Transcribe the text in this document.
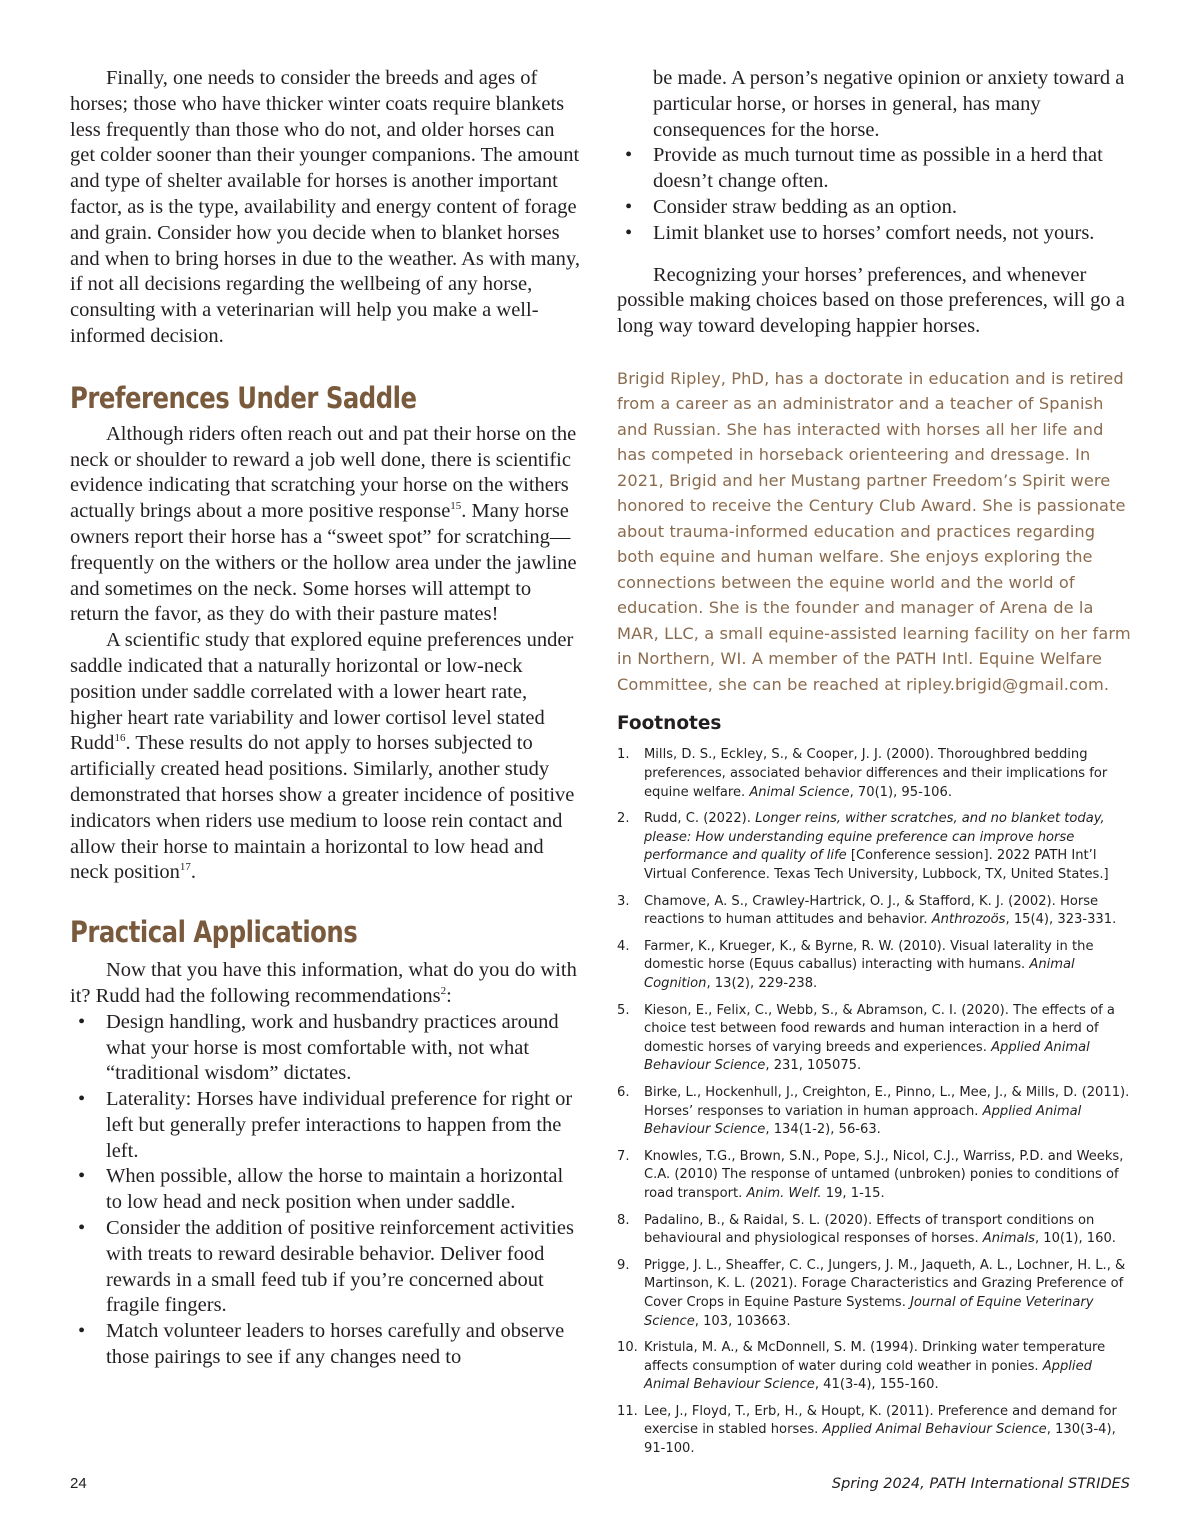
Finally, one needs to consider the breeds and ages of horses; those who have thicker winter coats require blankets less frequently than those who do not, and older horses can get colder sooner than their younger companions. The amount and type of shelter available for horses is another important factor, as is the type, availability and energy content of forage and grain. Consider how you decide when to blanket horses and when to bring horses in due to the weather. As with many, if not all decisions regarding the wellbeing of any horse, consulting with a veterinarian will help you make a well-informed decision.

Preferences Under Saddle

Although riders often reach out and pat their horse on the neck or shoulder to reward a job well done, there is scientific evidence indicating that scratching your horse on the withers actually brings about a more positive response$^{15}$. Many horse owners report their horse has a “sweet spot” for scratching—frequently on the withers or the hollow area under the jawline and sometimes on the neck. Some horses will attempt to return the favor, as they do with their pasture mates!

A scientific study that explored equine preferences under saddle indicated that a naturally horizontal or low-neck position under saddle correlated with a lower heart rate, higher heart rate variability and lower cortisol level stated Rudd$^{16}$. These results do not apply to horses subjected to artificially created head positions. Similarly, another study demonstrated that horses show a greater incidence of positive indicators when riders use medium to loose rein contact and allow their horse to maintain a horizontal to low head and neck position$^{17}$.

Practical Applications

Now that you have this information, what do you do with it? Rudd had the following recommendations$^2$:

• Design handling, work and husbandry practices around what your horse is most comfortable with, not what “traditional wisdom” dictates.
• Laterality: Horses have individual preference for right or left but generally prefer interactions to happen from the left.
• When possible, allow the horse to maintain a horizontal to low head and neck position when under saddle.
• Consider the addition of positive reinforcement activities with treats to reward desirable behavior. Deliver food rewards in a small feed tub if you’re concerned about fragile fingers.
• Match volunteer leaders to horses carefully and observe those pairings to see if any changes need to
be made. A person’s negative opinion or anxiety toward a particular horse, or horses in general, has many consequences for the horse.
• Provide as much turnout time as possible in a herd that doesn’t change often.
• Consider straw bedding as an option.
• Limit blanket use to horses’ comfort needs, not yours.

Recognizing your horses’ preferences, and whenever possible making choices based on those preferences, will go a long way toward developing happier horses.

Brigid Ripley, PhD, has a doctorate in education and is retired from a career as an administrator and a teacher of Spanish and Russian. She has interacted with horses all her life and has competed in horseback orienteering and dressage. In 2021, Brigid and her Mustang partner Freedom’s Spirit were honored to receive the Century Club Award. She is passionate about trauma-informed education and practices regarding both equine and human welfare. She enjoys exploring the connections between the equine world and the world of education. She is the founder and manager of Arena de la MAR, LLC, a small equine-assisted learning facility on her farm in Northern, WI. A member of the PATH Intl. Equine Welfare Committee, she can be reached at ripley.brigid@gmail.com.

Footnotes

1. Mills, D. S., Eckley, S., & Cooper, J. J. (2000). Thoroughbred bedding preferences, associated behavior differences and their implications for equine welfare. Animal Science, 70(1), 95-106.
2. Rudd, C. (2022). Longer reins, wither scratches, and no blanket today, please: How understanding equine preference can improve horse performance and quality of life [Conference session]. 2022 PATH Int’l Virtual Conference. Texas Tech University, Lubbock, TX, United States.]
3. Chamove, A. S., Crawley-Hartrick, O. J., & Stafford, K. J. (2002). Horse reactions to human attitudes and behavior. Anthrozoös, 15(4), 323-331.
4. Farmer, K., Krueger, K., & Byrne, R. W. (2010). Visual laterality in the domestic horse (Equus caballus) interacting with humans. Animal Cognition, 13(2), 229-238.
5. Kieson, E., Felix, C., Webb, S., & Abramson, C. I. (2020). The effects of a choice test between food rewards and human interaction in a herd of domestic horses of varying breeds and experiences. Applied Animal Behaviour Science, 231, 105075.
6. Birke, L., Hockenhull, J., Creighton, E., Pinno, L., Mee, J., & Mills, D. (2011). Horses’ responses to variation in human approach. Applied Animal Behaviour Science, 134(1-2), 56-63.
7. Knowles, T.G., Brown, S.N., Pope, S.J., Nicol, C.J., Warriss, P.D. and Weeks, C.A. (2010) The response of untamed (unbroken) ponies to conditions of road transport. Anim. Welf. 19, 1-15.
8. Padalino, B., & Raidal, S. L. (2020). Effects of transport conditions on behavioural and physiological responses of horses. Animals, 10(1), 160.
9. Prigge, J. L., Sheaffer, C. C., Jungers, J. M., Jaqueth, A. L., Lochner, H. L., & Martinson, K. L. (2021). Forage Characteristics and Grazing Preference of Cover Crops in Equine Pasture Systems. Journal of Equine Veterinary Science, 103, 103663.
10. Kristula, M. A., & McDonnell, S. M. (1994). Drinking water temperature affects consumption of water during cold weather in ponies. Applied Animal Behaviour Science, 41(3-4), 155-160.
11. Lee, J., Floyd, T., Erb, H., & Houpt, K. (2011). Preference and demand for exercise in stabled horses. Applied Animal Behaviour Science, 130(3-4), 91-100.
24	Spring 2024, PATH International STRIDES
